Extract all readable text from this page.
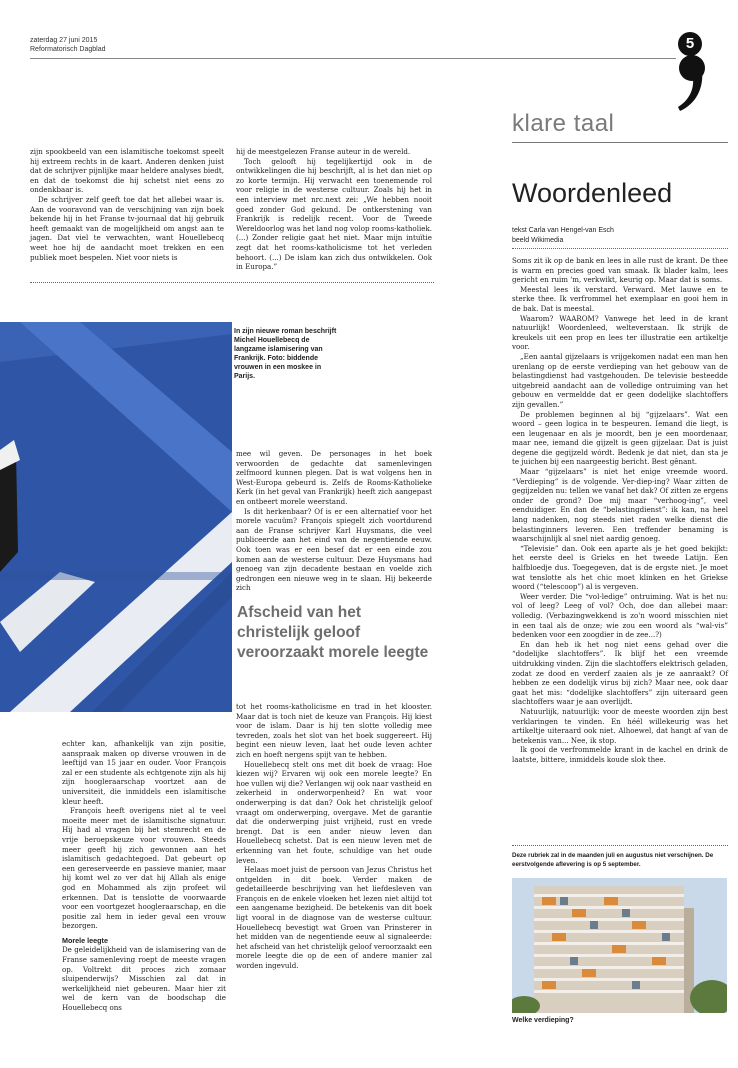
zaterdag 27 juni 2015
Reformatorisch Dagblad	5
klare taal

zijn spookbeeld van een islamitische toekomst speelt hij extreem rechts in de kaart. Anderen denken juist dat de schrijver pijnlijke maar heldere analyses biedt, en dat de toekomst die hij schetst niet eens zo ondenkbaar is.

De schrijver zelf geeft toe dat het allebei waar is. Aan de vooravond van de verschijning van zijn boek bekende hij in het Franse tv-journaal dat hij gebruik heeft gemaakt van de mogelijkheid om angst aan te jagen. Dat viel te verwachten, want Houellebecq weet hoe hij de aandacht moet trekken en een publiek moet bespelen. Niet voor niets is

hij de meestgelezen Franse auteur in de wereld.

Toch gelooft hij tegelijkertijd ook in de ontwikkelingen die hij beschrijft, al is het dan niet op zo korte termijn. Hij verwacht een toenemende rol voor religie in de westerse cultuur. Zoals hij het in een interview met nrc.next zei: „We hebben nooit goed zonder God gekund. De ontkerstening van Frankrijk is redelijk recent. Voor de Tweede Wereldoorlog was het land nog volop rooms-katholiek. (...) Zonder religie gaat het niet. Maar mijn intuïtie zegt dat het rooms-katholicisme tot het verleden behoort. (...) De islam kan zich dus ontwikkelen. Ook in Europa.”

In zijn nieuwe roman beschrijft Michel Houellebecq de langzame islamisering van Frankrijk. Foto: biddende vrouwen in een moskee in Parijs.

mee wil geven. De personages in het boek verwoorden de gedachte dat samenlevingen zelfmoord kunnen plegen. Dat is wat volgens hen in West-Europa gebeurd is. Zelfs de Rooms-Katholieke Kerk (in het geval van Frankrijk) heeft zich aangepast en ontbeert morele weerstand.

Is dit herkenbaar? Of is er een alternatief voor het morele vacuüm? François spiegelt zich voortdurend aan de Franse schrijver Karl Huysmans, die veel publiceerde aan het eind van de negentiende eeuw. Ook toen was er een besef dat er een einde zou komen aan de westerse cultuur. Deze Huysmans had genoeg van zijn decadente bestaan en voelde zich gedrongen een nieuwe weg in te slaan. Hij bekeerde zich

Afscheid van het christelijk geloof veroorzaakt morele leegte

tot het rooms-katholicisme en trad in het klooster. Maar dat is toch niet de keuze van François. Hij kiest voor de islam. Daar is hij ten slotte volledig mee tevreden, zoals het slot van het boek suggereert. Hij begint een nieuw leven, laat het oude leven achter zich en hoeft nergens spijt van te hebben.

Houellebecq stelt ons met dit boek de vraag: Hoe kiezen wij? Ervaren wij ook een morele leegte? En hoe vullen wij die? Verlangen wij ook naar vastheid en zekerheid in onderworpenheid? En wat voor onderwerping is dat dan? Ook het christelijk geloof vraagt om onderwerping, overgave. Met de garantie dat die onderwerping juist vrijheid, rust en vrede brengt. Dat is een ander nieuw leven dan Houellebecq schetst. Dat is een nieuw leven met de erkenning van het foute, schuldige van het oude leven.

Helaas moet juist de persoon van Jezus Christus het ontgelden in dit boek. Verder maken de gedetailleerde beschrijving van het liefdesleven van François en de enkele vloeken het lezen niet altijd tot een aangename bezigheid. De betekenis van dit boek ligt vooral in de diagnose van de westerse cultuur. Houellebecq bevestigt wat Groen van Prinsterer in het midden van de negentiende eeuw al signaleerde: het afscheid van het christelijk geloof veroorzaakt een morele leegte die op de een of andere manier zal worden ingevuld.

echter kan, afhankelijk van zijn positie, aanspraak maken op diverse vrouwen in de leeftijd van 15 jaar en ouder. Voor François zal er een studente als echtgenote zijn als hij zijn hoogleraarschap voortzet aan de universiteit, die inmiddels een islamitische kleur heeft.

François heeft overigens niet al te veel moeite meer met de islamitische signatuur. Hij had al vragen bij het stemrecht en de vrije beroepskeuze voor vrouwen. Steeds meer geeft hij zich gewonnen aan het islamitisch gedachtegoed. Dat gebeurt op een gereserveerde en passieve manier, maar hij komt wel zo ver dat hij Allah als enige god en Mohammed als zijn profeet wil erkennen. Dat is tenslotte de voorwaarde voor een voortgezet hoogleraarschap, en die positie zal hem in ieder geval een vrouw bezorgen.

Morele leegte

De geleidelijkheid van de islamisering van de Franse samenleving roept de meeste vragen op. Voltrekt dit proces zich zomaar sluipenderwijs? Misschien zal dat in werkelijkheid niet gebeuren. Maar hier zit wel de kern van de boodschap die Houellebecq ons

Woordenleed
tekst Carla van Hengel-van Esch
beeld Wikimedia

Soms zit ik op de bank en lees in alle rust de krant. De thee is warm en precies goed van smaak. Ik blader kalm, lees gericht en ruim 'm, verkwikt, keurig op. Maar dat is soms.

Meestal lees ik verstard. Verward. Met lauwe en te sterke thee. Ik verfrommel het exemplaar en gooi hem in de bak. Dat is meestal.

Waarom? WAAROM? Vanwege het leed in de krant natuurlijk! Woordenleed, welteverstaan. Ik strijk de kreukels uit een prop en lees ter illustratie een artikeltje voor.

„Een aantal gijzelaars is vrijgekomen nadat een man hen urenlang op de eerste verdieping van het gebouw van de belastingdienst had vastgehouden. De televisie besteedde uitgebreid aandacht aan de volledige ontruiming van het gebouw en vermeldde dat er geen dodelijke slachtoffers zijn gevallen.”

De problemen beginnen al bij “gijzelaars”. Wat een woord – geen logica in te bespeuren. Iemand die liegt, is een leugenaar en als je moordt, ben je een moordenaar, maar nee, iemand die gijzelt is geen gijzelaar. Dat is juist degene die gegijzeld wórdt. Bedenk je dat niet, dan sta je te juichen bij een naargeestig bericht. Best gênant.

Maar “gijzelaars” is niet het enige vreemde woord. “Verdieping” is de volgende. Ver-diep-ing? Waar zitten de gegijzelden nu: tellen we vanaf het dak? Of zitten ze ergens onder de grond? Doe mij maar “verhoog-ing”, veel eenduidiger. En dan de “belastingdienst”: ik kan, na heel lang nadenken, nog steeds niet raden welke dienst die belastinginners leveren. Een treffender benaming is waarschijnlijk al snel niet aardig genoeg.

“Televisie” dan. Ook een aparte als je het goed bekijkt: het eerste deel is Grieks en het tweede Latijn. Een halfbloedje dus. Toegegeven, dat is de ergste niet. Je moet wat tenslotte als het chic moet klinken en het Griekse woord (“telescoop”) al is vergeven.

Weer verder. Die “vol-ledige” ontruiming. Wat is het nu: vol of leeg? Leeg of vol? Och, doe dan allebei maar: volledig. (Verbazingwekkend is zo'n woord misschien niet in een taal als de onze; wie zou een woord als “wal-vis” bedenken voor een zoogdier in de zee...?)

En dan heb ik het nog niet eens gehad over die “dodelijke slachtoffers”. Ik blijf het een vreemde uitdrukking vinden. Zijn die slachtoffers elektrisch geladen, zodat ze dood en verderf zaaien als je ze aanraakt? Of hebben ze een dodelijk virus bij zich? Maar nee, ook daar gaat het mis: “dodelijke slachtoffers” zijn uiteraard geen slachtoffers waar je aan overlijdt.

Natuurlijk, natuurlijk: voor de meeste woorden zijn best verklaringen te vinden. En héél willekeurig was het artikeltje uiteraard ook niet. Alhoewel, dat hangt af van de betekenis van... Nee, ik stop.

Ik gooi de verfrommelde krant in de kachel en drink de laatste, bittere, inmiddels koude slok thee.

Deze rubriek zal in de maanden juli en augustus niet verschijnen. De eerstvolgende aflevering is op 5 september.
Welke verdieping?
